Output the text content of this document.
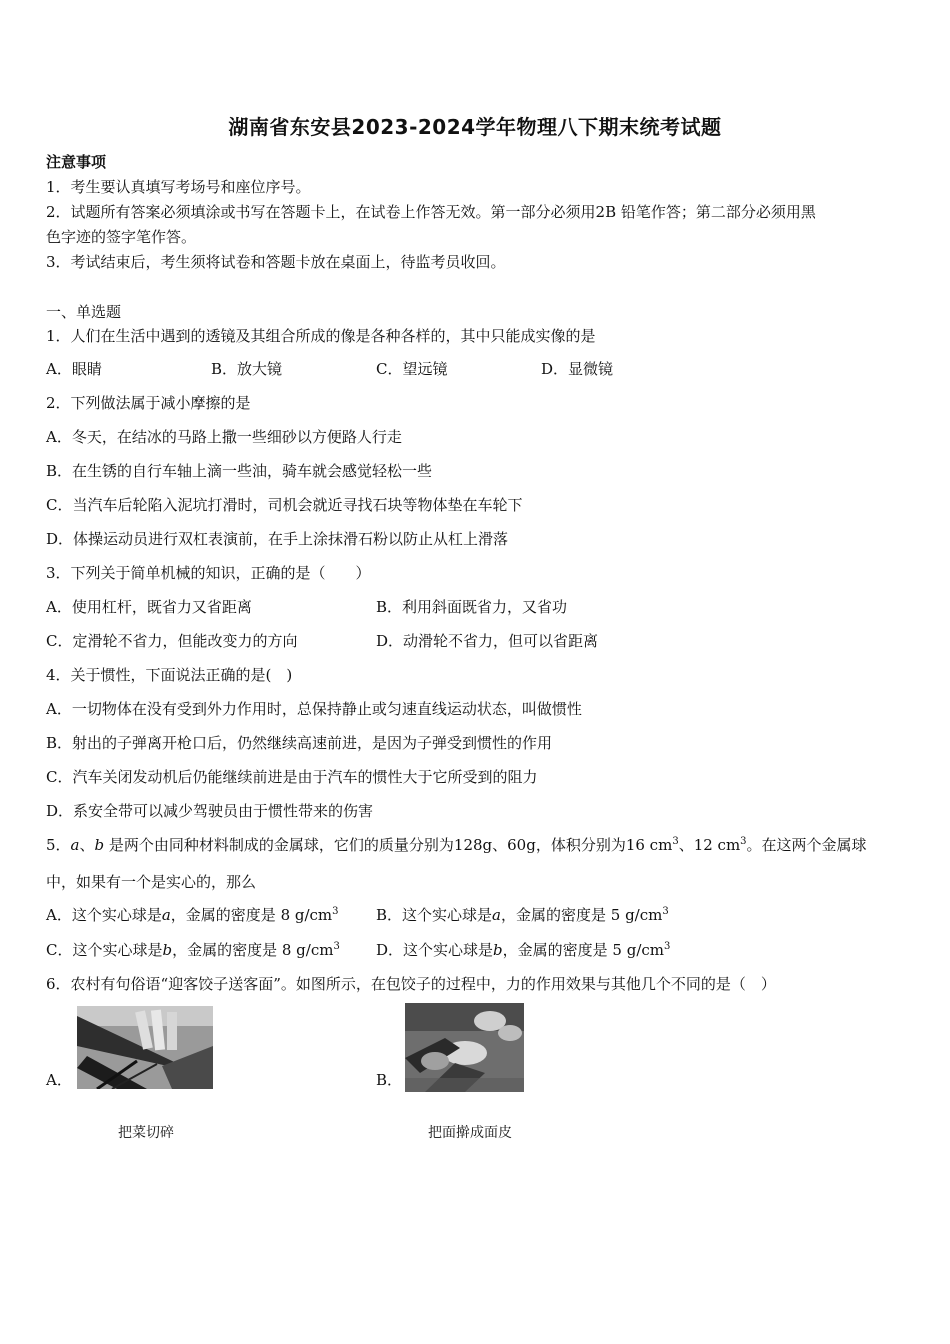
湖南省东安县2023-2024学年物理八下期末统考试题
注意事项
1．考生要认真填写考场号和座位序号。
2．试题所有答案必须填涂或书写在答题卡上，在试卷上作答无效。第一部分必须用2B 铅笔作答；第二部分必须用黑
色字迹的签字笔作答。
3．考试结束后，考生须将试卷和答题卡放在桌面上，待监考员收回。
一、单选题
1．人们在生活中遇到的透镜及其组合所成的像是各种各样的，其中只能成实像的是
A．眼睛	B．放大镜	C．望远镜	D．显微镜
2．下列做法属于减小摩擦的是
A．冬天，在结冰的马路上撒一些细砂以方便路人行走
B．在生锈的自行车轴上滴一些油，骑车就会感觉轻松一些
C．当汽车后轮陷入泥坑打滑时，司机会就近寻找石块等物体垫在车轮下
D．体操运动员进行双杠表演前，在手上涂抹滑石粉以防止从杠上滑落
3．下列关于简单机械的知识，正确的是（　　）
A．使用杠杆，既省力又省距离	B．利用斜面既省力，又省功
C．定滑轮不省力，但能改变力的方向	D．动滑轮不省力，但可以省距离
4．关于惯性，下面说法正确的是(　)
A．一切物体在没有受到外力作用时，总保持静止或匀速直线运动状态，叫做惯性
B．射出的子弹离开枪口后，仍然继续高速前进，是因为子弹受到惯性的作用
C．汽车关闭发动机后仍能继续前进是由于汽车的惯性大于它所受到的阻力
D．系安全带可以减少驾驶员由于惯性带来的伤害
5．a、b 是两个由同种材料制成的金属球，它们的质量分别为128g、60g，体积分别为16 $cm^3$、12 $cm^3$。在这两个金属球
中，如果有一个是实心的，那么
A．这个实心球是a，金属的密度是 8 $g/cm^3$ B．这个实心球是a，金属的密度是 5 $g/cm^3$
C．这个实心球是b，金属的密度是 8 $g/cm^3$ D．这个实心球是b，金属的密度是 5 $g/cm^3$
6．农村有句俗语“迎客饺子送客面”。如图所示，在包饺子的过程中，力的作用效果与其他几个不同的是（　）
A．
把菜切碎
B．
把面擀成面皮
